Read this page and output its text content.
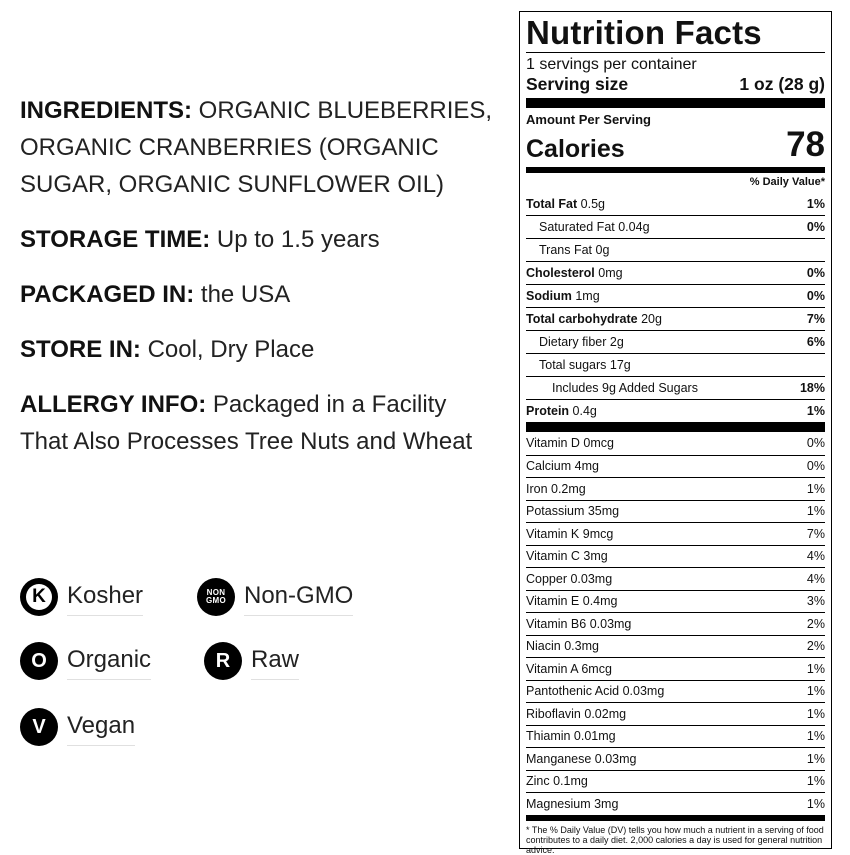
INGREDIENTS: ORGANIC BLUEBERRIES, ORGANIC CRANBERRIES (ORGANIC SUGAR, ORGANIC SUNFLOWER OIL)
STORAGE TIME: Up to 1.5 years
PACKAGED IN: the USA
STORE IN: Cool, Dry Place
ALLERGY INFO: Packaged in a Facility That Also Processes Tree Nuts and Wheat
K Kosher	NON GMO Non-GMO
O Organic	R Raw
V Vegan
Nutrition Facts
1 servings per container
Serving size	1 oz (28 g)
Amount Per Serving
Calories	78
% Daily Value*
Total Fat 0.5g	1%
Saturated Fat 0.04g	0%
Trans Fat 0g
Cholesterol 0mg	0%
Sodium 1mg	0%
Total carbohydrate 20g	7%
Dietary fiber 2g	6%
Total sugars 17g
Includes 9g Added Sugars	18%
Protein 0.4g	1%
Vitamin D 0mcg	0%
Calcium 4mg	0%
Iron 0.2mg	1%
Potassium 35mg	1%
Vitamin K 9mcg	7%
Vitamin C 3mg	4%
Copper 0.03mg	4%
Vitamin E 0.4mg	3%
Vitamin B6 0.03mg	2%
Niacin 0.3mg	2%
Vitamin A 6mcg	1%
Pantothenic Acid 0.03mg	1%
Riboflavin 0.02mg	1%
Thiamin 0.01mg	1%
Manganese 0.03mg	1%
Zinc 0.1mg	1%
Magnesium 3mg	1%
* The % Daily Value (DV) tells you how much a nutrient in a serving of food contributes to a daily diet. 2,000 calories a day is used for general nutrition advice.
